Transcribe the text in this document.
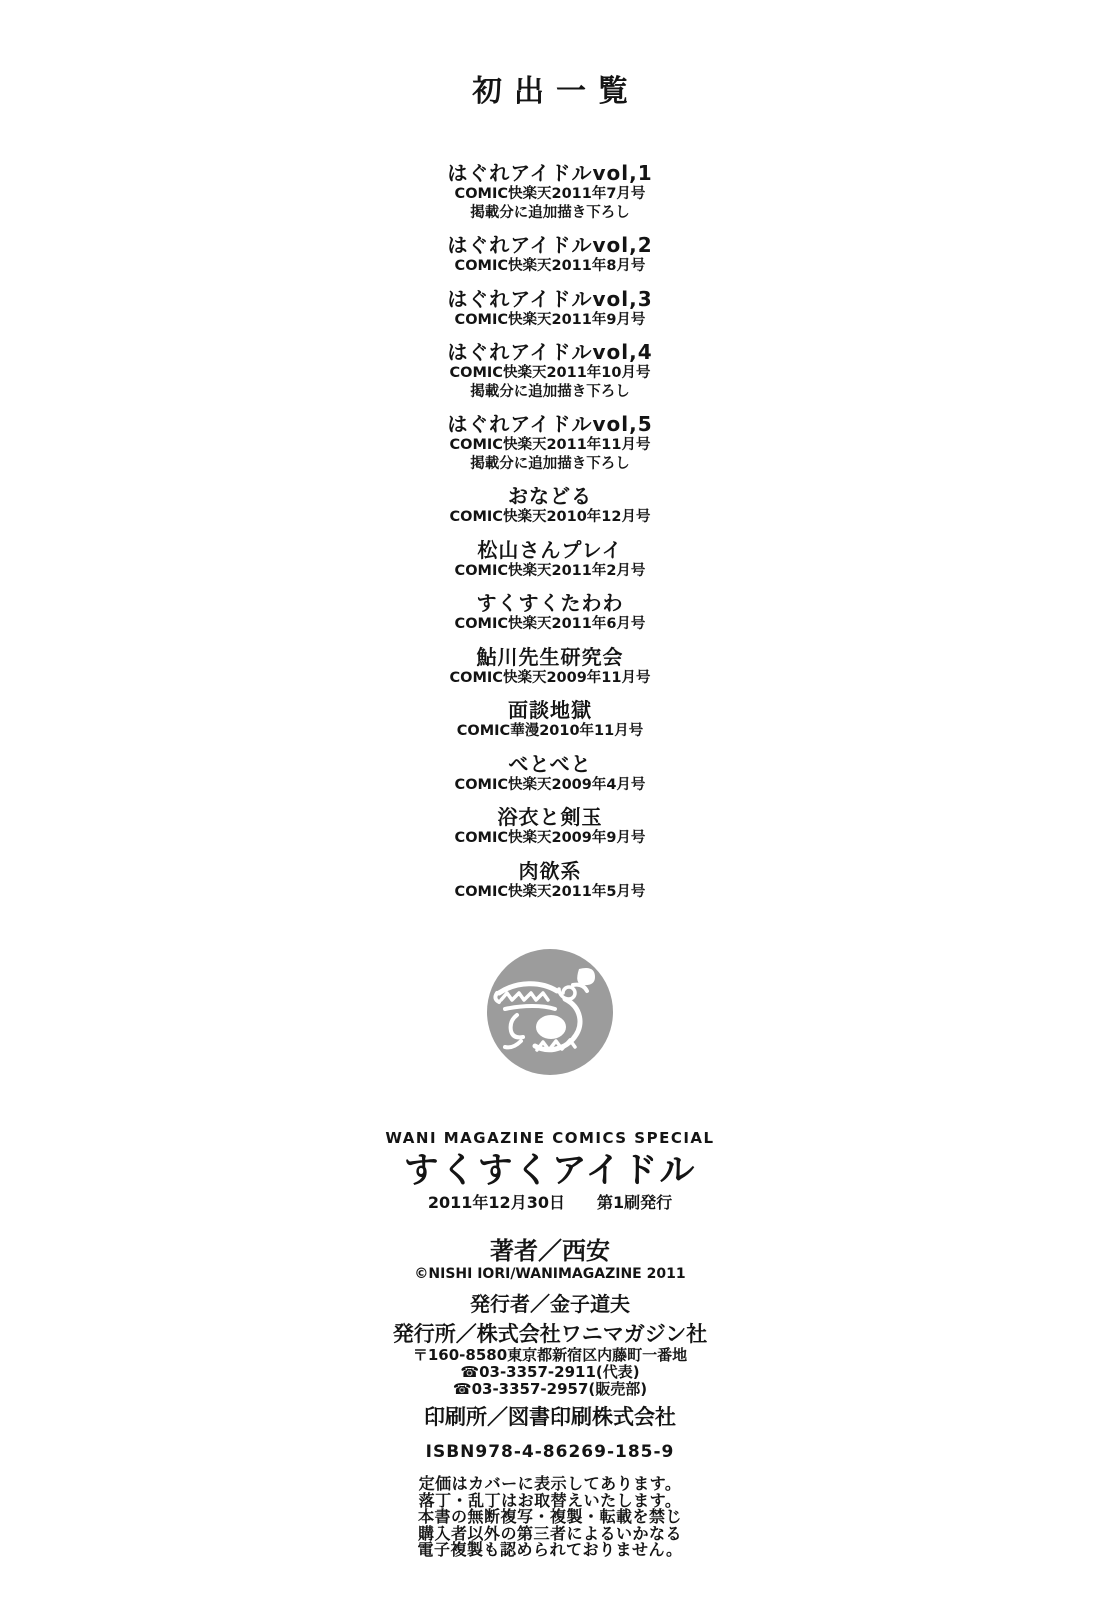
初出一覧
はぐれアイドルvol,1
COMIC快楽天2011年7月号
掲載分に追加描き下ろし
はぐれアイドルvol,2
COMIC快楽天2011年8月号
はぐれアイドルvol,3
COMIC快楽天2011年9月号
はぐれアイドルvol,4
COMIC快楽天2011年10月号
掲載分に追加描き下ろし
はぐれアイドルvol,5
COMIC快楽天2011年11月号
掲載分に追加描き下ろし
おなどる
COMIC快楽天2010年12月号
松山さんプレイ
COMIC快楽天2011年2月号
すくすくたわわ
COMIC快楽天2011年6月号
鮎川先生研究会
COMIC快楽天2009年11月号
面談地獄
COMIC華漫2010年11月号
べとべと
COMIC快楽天2009年4月号
浴衣と剣玉
COMIC快楽天2009年9月号
肉欲系
COMIC快楽天2011年5月号
WANI MAGAZINE COMICS SPECIAL
すくすくアイドル
2011年12月30日　　第1刷発行
著者／西安
©NISHI IORI/WANIMAGAZINE 2011
発行者／金子道夫
発行所／株式会社ワニマガジン社
〒160-8580東京都新宿区内藤町一番地
☎03-3357-2911(代表)
☎03-3357-2957(販売部)
印刷所／図書印刷株式会社
ISBN978-4-86269-185-9
定価はカバーに表示してあります。
落丁・乱丁はお取替えいたします。
本書の無断複写・複製・転載を禁じ
購入者以外の第三者によるいかなる
電子複製も認められておりません。
